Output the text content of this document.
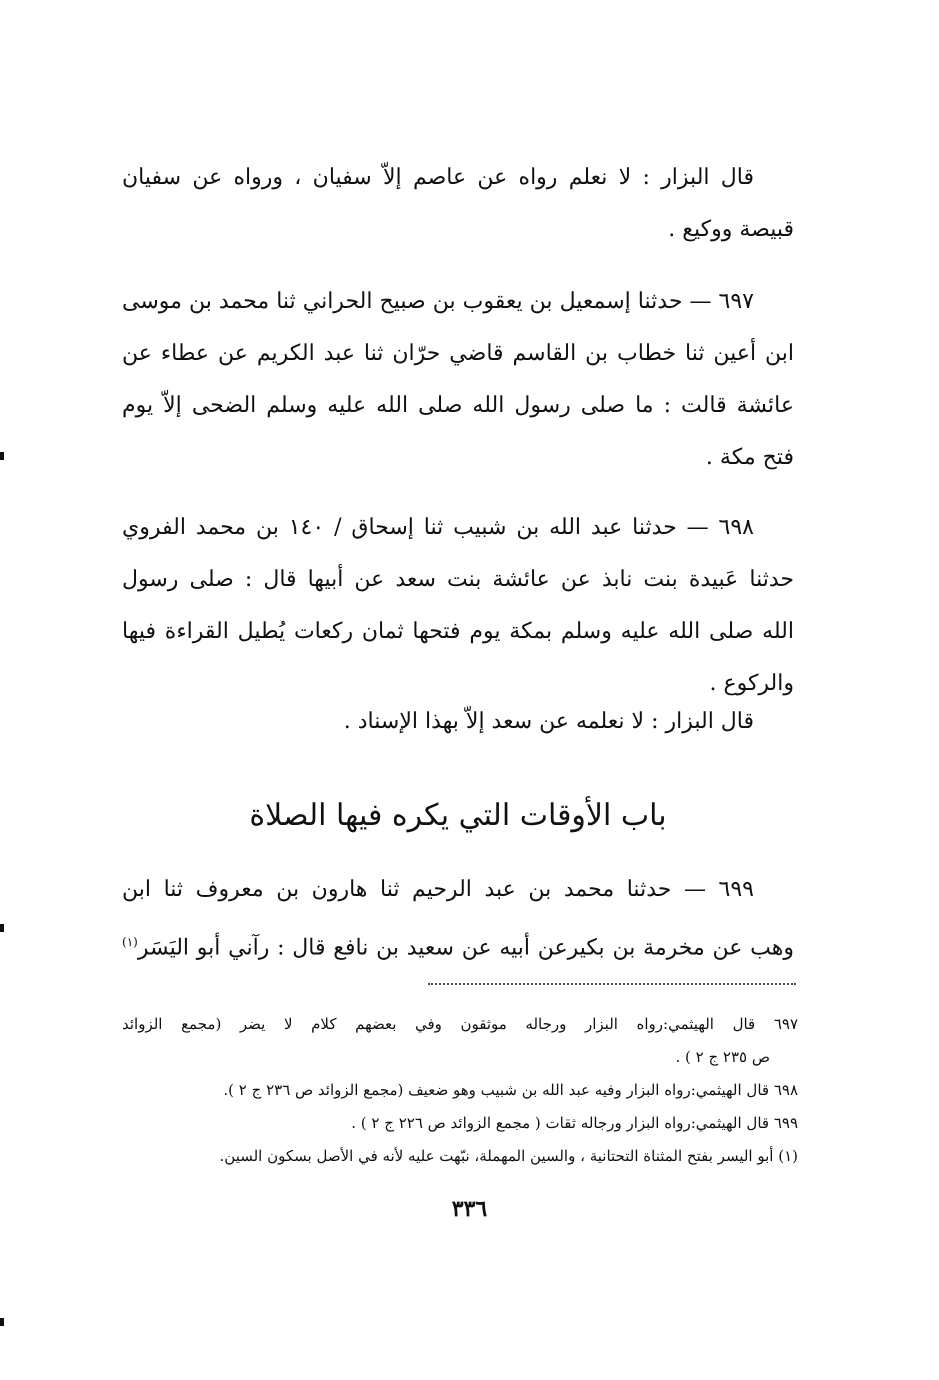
قال البزار : لا نعلم رواه عن عاصم إلاّ سفيان ، ورواه عن سفيان
قبيصة ووكيع .
٦٩٧ — حدثنا إسمعيل بن يعقوب بن صبيح الحراني ثنا محمد بن موسى
ابن أعين ثنا خطاب بن القاسم قاضي حرّان ثنا عبد الكريم عن عطاء عن
عائشة قالت : ما صلى رسول الله صلى الله عليه وسلم الضحى إلاّ يوم
فتح مكة .
٦٩٨ — حدثنا عبد الله بن شبيب ثنا إسحاق / ١٤٠ بن محمد الفروي
حدثنا عَبيدة بنت نابذ عن عائشة بنت سعد عن أبيها قال : صلى رسول
الله صلى الله عليه وسلم بمكة يوم فتحها ثمان ركعات يُطيل القراءة فيها
والركوع .
قال البزار : لا نعلمه عن سعد إلاّ بهذا الإسناد .
باب الأوقات التي يكره فيها الصلاة
٦٩٩ — حدثنا محمد بن عبد الرحيم ثنا هارون بن معروف ثنا ابن
وهب عن مخرمة بن بكيرعن أبيه عن سعيد بن نافع قال : رآني أبو اليَسَر$^{(١)}$
٦٩٧ قال الهيثمي:رواه البزار ورجاله موثقون وفي بعضهم كلام لا يضر (مجمع الزوائد
ص ٢٣٥ ج ٢ ) .
٦٩٨ قال الهيثمي:رواه البزار وفيه عبد الله بن شبيب وهو ضعيف (مجمع الزوائد ص ٢٣٦ ج ٢ ).
٦٩٩ قال الهيثمي:رواه البزار ورجاله ثقات ( مجمع الزوائد ص ٢٢٦ ج ٢ ) .
(١) أبو اليسر بفتح المثناة التحتانية ، والسين المهملة، نبّهت عليه لأنه في الأصل بسكون السين.
٣٣٦
